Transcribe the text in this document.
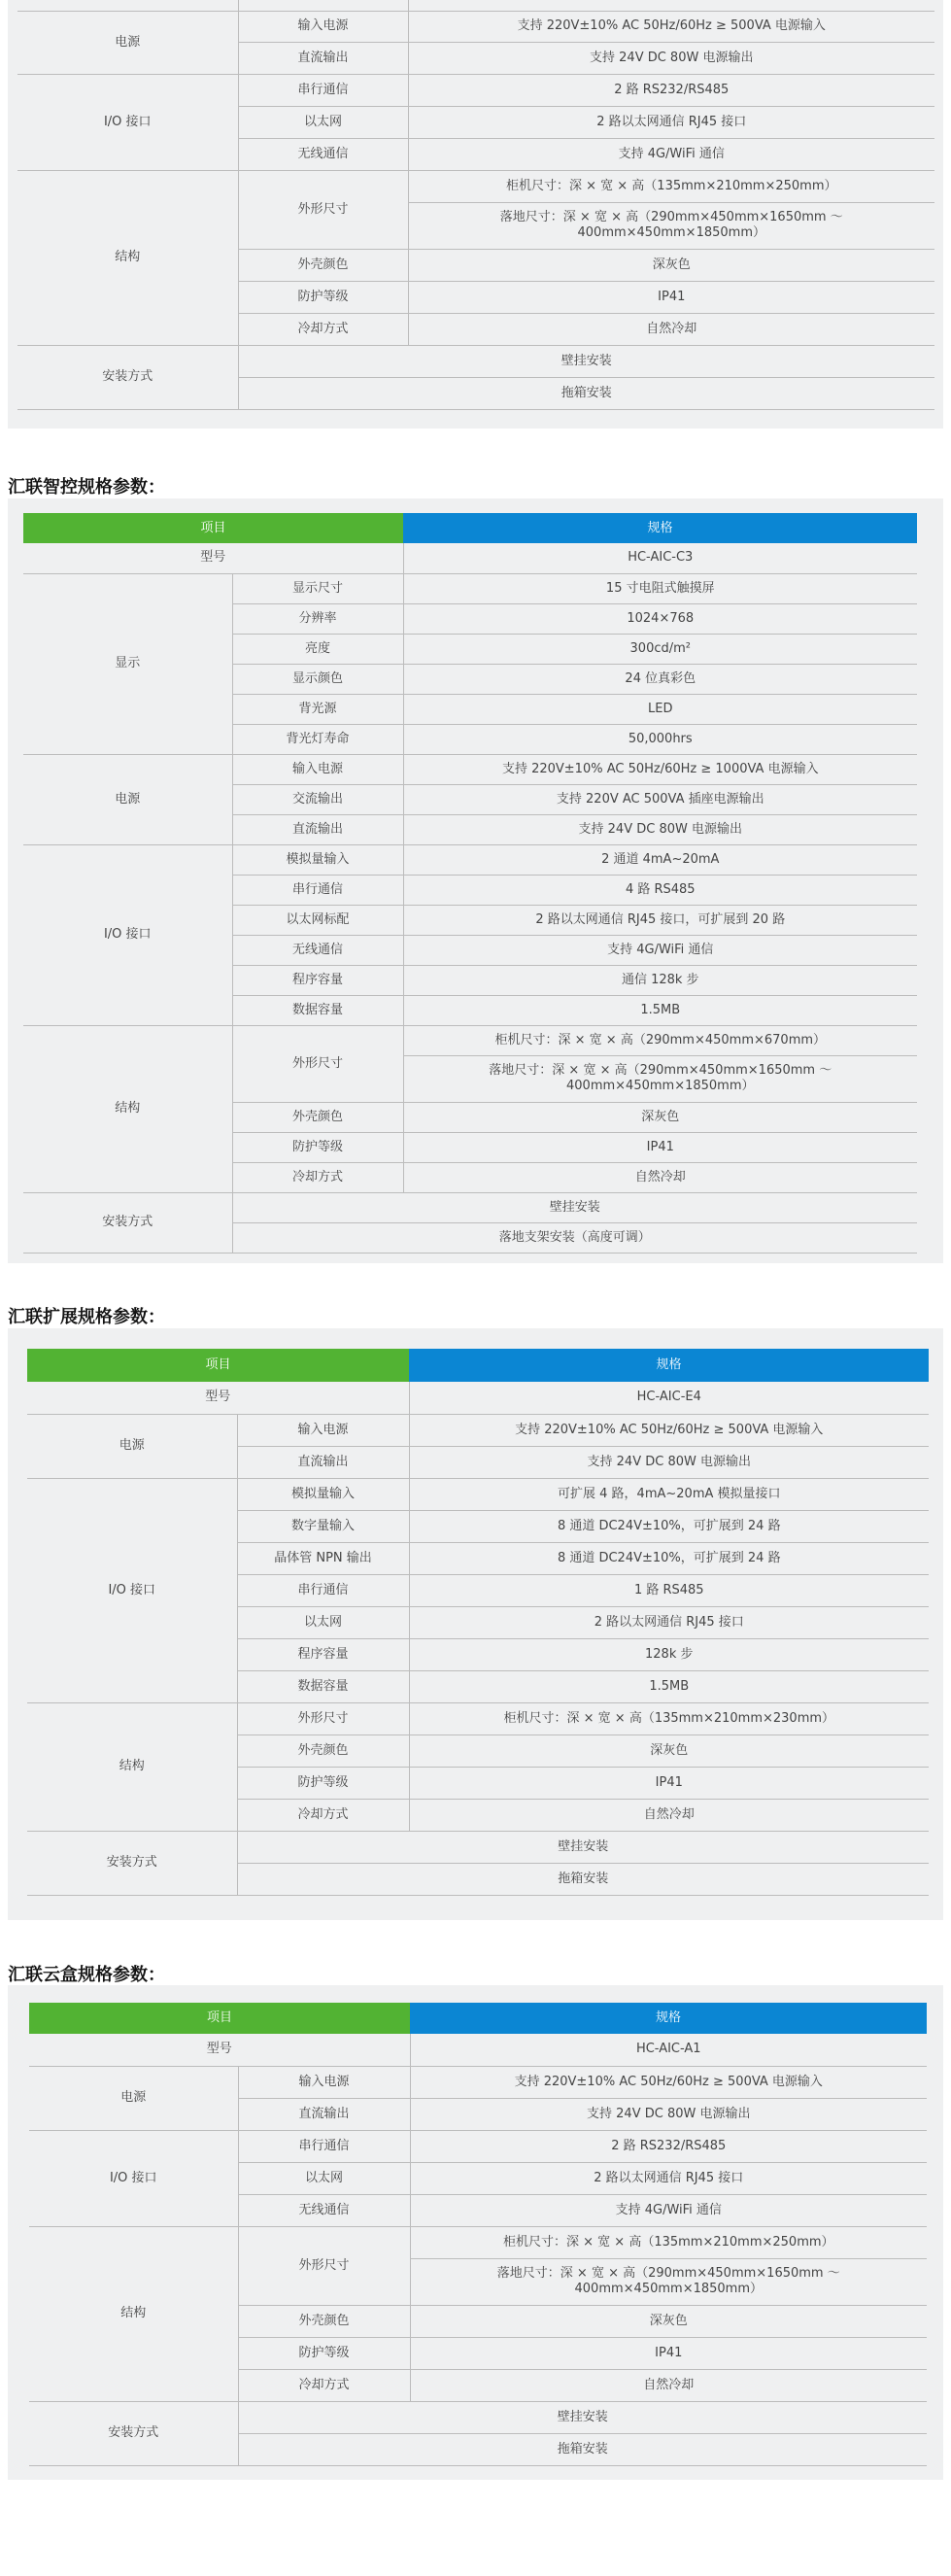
电源	输入电源	支持 220V±10% AC 50Hz/60Hz ≥ 500VA 电源输入
	直流输出	支持 24V DC 80W 电源输出
I/O 接口	串行通信	2 路 RS232/RS485
	以太网	2 路以太网通信 RJ45 接口
	无线通信	支持 4G/WiFi 通信
结构	外形尺寸	柜机尺寸：深 × 宽 × 高（135mm×210mm×250mm）
		落地尺寸：深 × 宽 × 高（290mm×450mm×1650mm ～ 400mm×450mm×1850mm）
	外壳颜色	深灰色
	防护等级	IP41
	冷却方式	自然冷却
安装方式	壁挂安装	
	拖箱安装	
汇联智控规格参数：
项目		规格
型号		HC-AIC-C3
显示	显示尺寸	15 寸电阻式触摸屏
	分辨率	1024×768
	亮度	300cd/m²
	显示颜色	24 位真彩色
	背光源	LED
	背光灯寿命	50,000hrs
电源	输入电源	支持 220V±10% AC 50Hz/60Hz ≥ 1000VA 电源输入
	交流输出	支持 220V AC 500VA 插座电源输出
	直流输出	支持 24V DC 80W 电源输出
I/O 接口	模拟量输入	2 通道 4mA~20mA
	串行通信	4 路 RS485
	以太网标配	2 路以太网通信 RJ45 接口，可扩展到 20 路
	无线通信	支持 4G/WiFi 通信
	程序容量	通信 128k 步
	数据容量	1.5MB
结构	外形尺寸	柜机尺寸：深 × 宽 × 高（290mm×450mm×670mm）
		落地尺寸：深 × 宽 × 高（290mm×450mm×1650mm ～ 400mm×450mm×1850mm）
	外壳颜色	深灰色
	防护等级	IP41
	冷却方式	自然冷却
安装方式	壁挂安装	
	落地支架安装（高度可调）	
汇联扩展规格参数：
项目		规格
型号		HC-AIC-E4
电源	输入电源	支持 220V±10% AC 50Hz/60Hz ≥ 500VA 电源输入
	直流输出	支持 24V DC 80W 电源输出
I/O 接口	模拟量输入	可扩展 4 路，4mA~20mA 模拟量接口
	数字量输入	8 通道 DC24V±10%，可扩展到 24 路
	晶体管 NPN 输出	8 通道 DC24V±10%，可扩展到 24 路
	串行通信	1 路 RS485
	以太网	2 路以太网通信 RJ45 接口
	程序容量	128k 步
	数据容量	1.5MB
结构	外形尺寸	柜机尺寸：深 × 宽 × 高（135mm×210mm×230mm）
	外壳颜色	深灰色
	防护等级	IP41
	冷却方式	自然冷却
安装方式	壁挂安装	
	拖箱安装	
汇联云盒规格参数：
项目		规格
型号		HC-AIC-A1
电源	输入电源	支持 220V±10% AC 50Hz/60Hz ≥ 500VA 电源输入
	直流输出	支持 24V DC 80W 电源输出
I/O 接口	串行通信	2 路 RS232/RS485
	以太网	2 路以太网通信 RJ45 接口
	无线通信	支持 4G/WiFi 通信
结构	外形尺寸	柜机尺寸：深 × 宽 × 高（135mm×210mm×250mm）
		落地尺寸：深 × 宽 × 高（290mm×450mm×1650mm ～ 400mm×450mm×1850mm）
	外壳颜色	深灰色
	防护等级	IP41
	冷却方式	自然冷却
安装方式	壁挂安装	
	拖箱安装	
